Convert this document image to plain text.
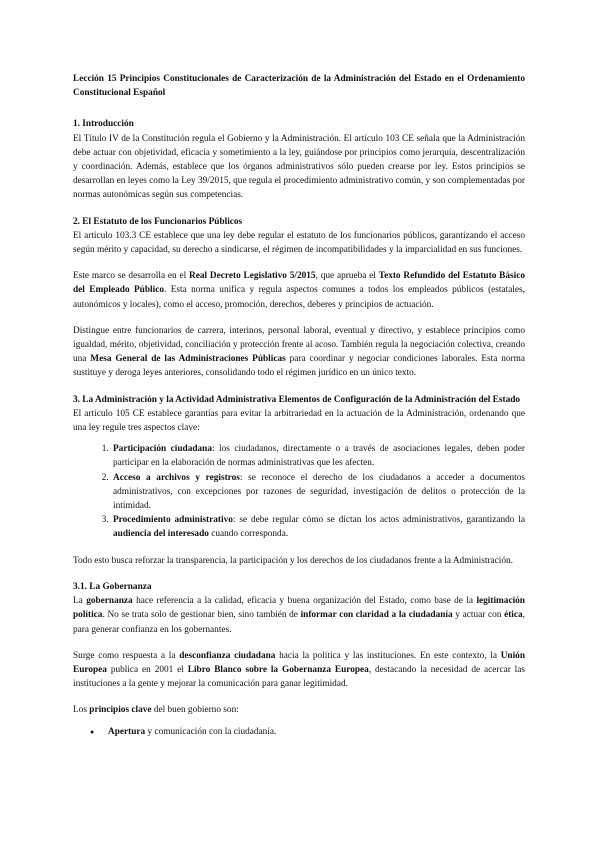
Lección 15 Principios Constitucionales de Caracterización de la Administración del Estado en el Ordenamiento Constitucional Español

1. Introducción

El Título IV de la Constitución regula el Gobierno y la Administración. El artículo 103 CE señala que la Administración debe actuar con objetividad, eficacia y sometimiento a la ley, guiándose por principios como jerarquía, descentralización y coordinación. Además, establece que los órganos administrativos sólo pueden crearse por ley. Estos principios se desarrollan en leyes como la Ley 39/2015, que regula el procedimiento administrativo común, y son complementadas por normas autonómicas según sus competencias.

2. El Estatuto de los Funcionarios Públicos

El artículo 103.3 CE establece que una ley debe regular el estatuto de los funcionarios públicos, garantizando el acceso según mérito y capacidad, su derecho a sindicarse, el régimen de incompatibilidades y la imparcialidad en sus funciones.

Este marco se desarrolla en el Real Decreto Legislativo 5/2015, que aprueba el Texto Refundido del Estatuto Básico del Empleado Público. Esta norma unifica y regula aspectos comunes a todos los empleados públicos (estatales, autonómicos y locales), como el acceso, promoción, derechos, deberes y principios de actuación.

Distingue entre funcionarios de carrera, interinos, personal laboral, eventual y directivo, y establece principios como igualdad, mérito, objetividad, conciliación y protección frente al acoso. También regula la negociación colectiva, creando una Mesa General de las Administraciones Públicas para coordinar y negociar condiciones laborales. Esta norma sustituye y deroga leyes anteriores, consolidando todo el régimen jurídico en un único texto.

3. La Administración y la Actividad Administrativa Elementos de Configuración de la Administración del Estado

El artículo 105 CE establece garantías para evitar la arbitrariedad en la actuación de la Administración, ordenando que una ley regule tres aspectos clave:

1. Participación ciudadana: los ciudadanos, directamente o a través de asociaciones legales, deben poder participar en la elaboración de normas administrativas que les afecten.
2. Acceso a archivos y registros: se reconoce el derecho de los ciudadanos a acceder a documentos administrativos, con excepciones por razones de seguridad, investigación de delitos o protección de la intimidad.
3. Procedimiento administrativo: se debe regular cómo se dictan los actos administrativos, garantizando la audiencia del interesado cuando corresponda.

Todo esto busca reforzar la transparencia, la participación y los derechos de los ciudadanos frente a la Administración.

3.1. La Gobernanza

La gobernanza hace referencia a la calidad, eficacia y buena organización del Estado, como base de la legitimación política. No se trata solo de gestionar bien, sino también de informar con claridad a la ciudadanía y actuar con ética, para generar confianza en los gobernantes.

Surge como respuesta a la desconfianza ciudadana hacia la política y las instituciones. En este contexto, la Unión Europea publica en 2001 el Libro Blanco sobre la Gobernanza Europea, destacando la necesidad de acercar las instituciones a la gente y mejorar la comunicación para ganar legitimidad.

Los principios clave del buen gobierno son:

● Apertura y comunicación con la ciudadanía.
